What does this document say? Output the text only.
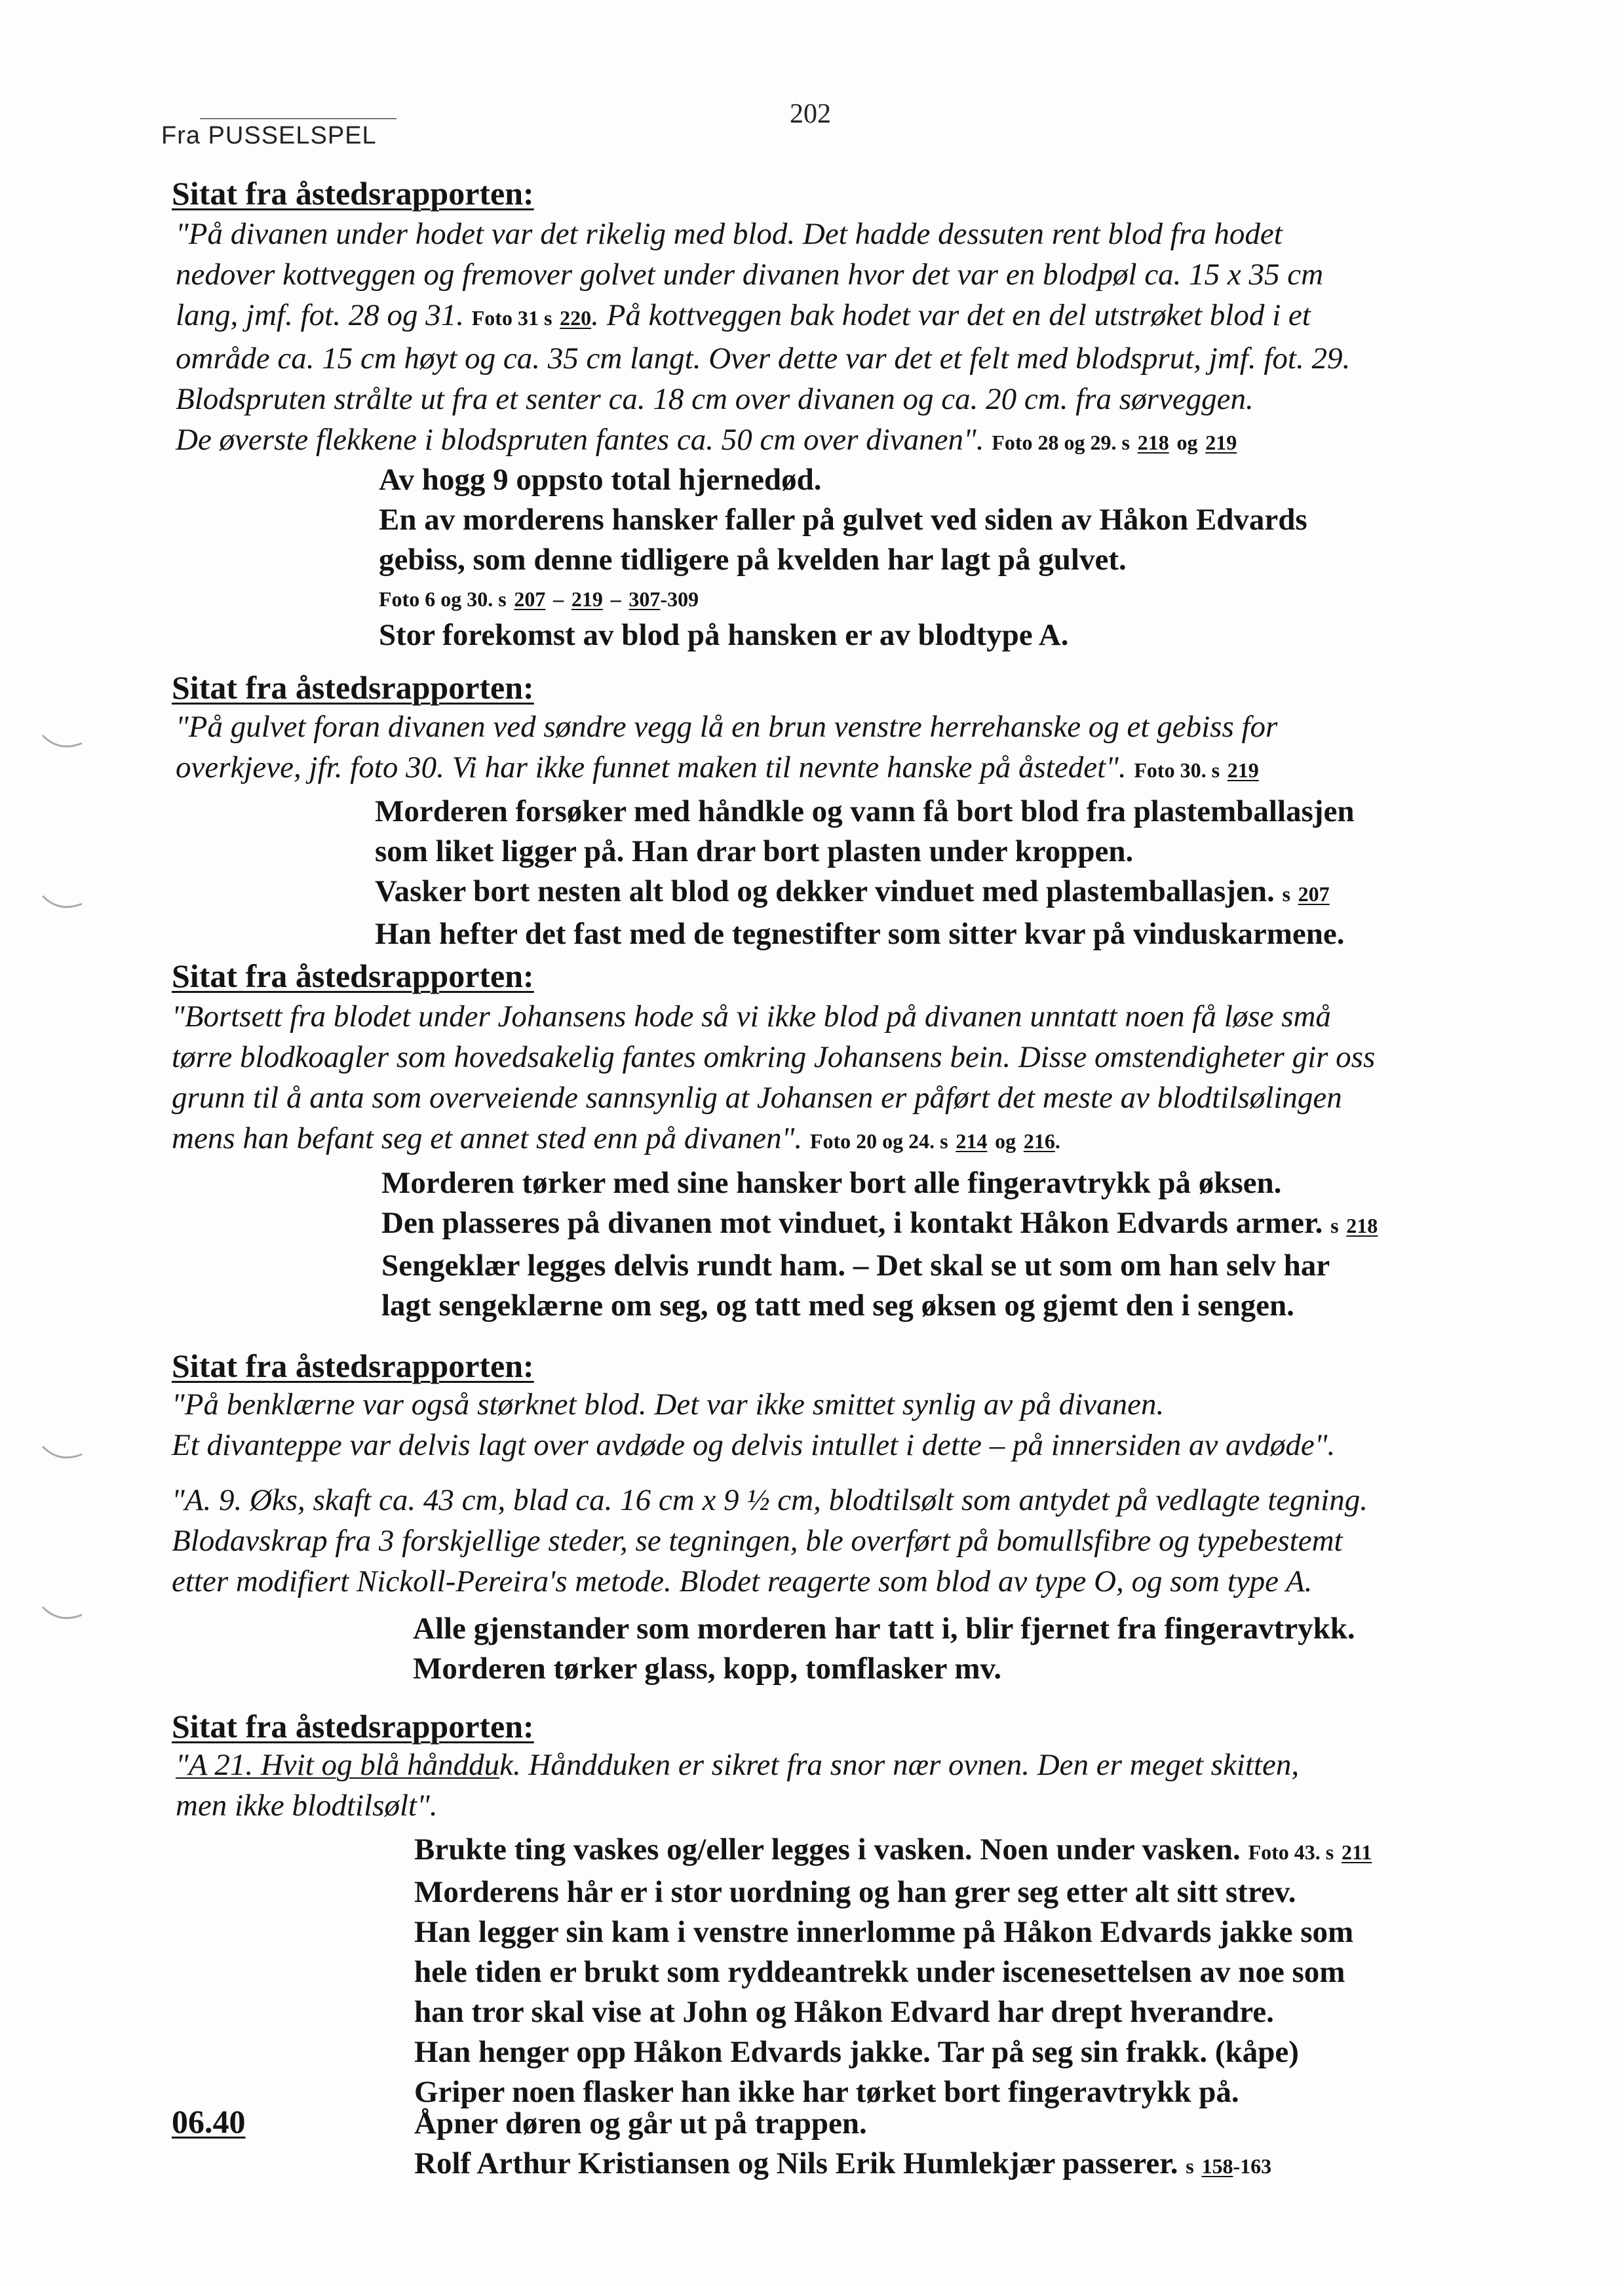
Fra PUSSELSPEL
202
Sitat fra åstedsrapporten:
"På divanen under hodet var det rikelig med blod. Det hadde dessuten rent blod fra hodet
nedover kottveggen og fremover golvet under divanen hvor det var en blodpøl ca. 15 x 35 cm
lang, jmf. fot. 28 og 31. Foto 31 s 220. På kottveggen bak hodet var det en del utstrøket blod i et
område ca. 15 cm høyt og ca. 35 cm langt. Over dette var det et felt med blodsprut, jmf. fot. 29.
Blodspruten strålte ut fra et senter ca. 18 cm over divanen og ca. 20 cm. fra sørveggen.
De øverste flekkene i blodspruten fantes ca. 50 cm over divanen". Foto 28 og 29. s 218 og 219
Av hogg 9 oppsto total hjernedød.
En av morderens hansker faller på gulvet ved siden av Håkon Edvards
gebiss, som denne tidligere på kvelden har lagt på gulvet.
Foto 6 og 30. s 207 – 219 – 307-309
Stor forekomst av blod på hansken er av blodtype A.
Sitat fra åstedsrapporten:
"På gulvet foran divanen ved søndre vegg lå en brun venstre herrehanske og et gebiss for
overkjeve, jfr. foto 30. Vi har ikke funnet maken til nevnte hanske på åstedet". Foto 30. s 219
Morderen forsøker med håndkle og vann få bort blod fra plastemballasjen
som liket ligger på. Han drar bort plasten under kroppen.
Vasker bort nesten alt blod og dekker vinduet med plastemballasjen. s 207
Han hefter det fast med de tegnestifter som sitter kvar på vinduskarmene.
Sitat fra åstedsrapporten:
"Bortsett fra blodet under Johansens hode så vi ikke blod på divanen unntatt noen få løse små
tørre blodkoagler som hovedsakelig fantes omkring Johansens bein. Disse omstendigheter gir oss
grunn til å anta som overveiende sannsynlig at Johansen er påført det meste av blodtilsølingen
mens han befant seg et annet sted enn på divanen". Foto 20 og 24. s 214 og 216.
Morderen tørker med sine hansker bort alle fingeravtrykk på øksen.
Den plasseres på divanen mot vinduet, i kontakt Håkon Edvards armer. s 218
Sengeklær legges delvis rundt ham. – Det skal se ut som om han selv har
lagt sengeklærne om seg, og tatt med seg øksen og gjemt den i sengen.
Sitat fra åstedsrapporten:
"På benklærne var også størknet blod. Det var ikke smittet synlig av på divanen.
Et divanteppe var delvis lagt over avdøde og delvis intullet i dette – på innersiden av avdøde".
"A. 9. Øks, skaft ca. 43 cm, blad ca. 16 cm x 9 ½ cm, blodtilsølt som antydet på vedlagte tegning.
Blodavskrap fra 3 forskjellige steder, se tegningen, ble overført på bomullsfibre og typebestemt
etter modifiert Nickoll-Pereira's metode. Blodet reagerte som blod av type O, og som type A.
Alle gjenstander som morderen har tatt i, blir fjernet fra fingeravtrykk.
Morderen tørker glass, kopp, tomflasker mv.
Sitat fra åstedsrapporten:
"A 21. Hvit og blå håndduk. Håndduken er sikret fra snor nær ovnen. Den er meget skitten,
men ikke blodtilsølt".
Brukte ting vaskes og/eller legges i vasken. Noen under vasken. Foto 43. s 211
Morderens hår er i stor uordning og han grer seg etter alt sitt strev.
Han legger sin kam i venstre innerlomme på Håkon Edvards jakke som
hele tiden er brukt som ryddeantrekk under iscenesettelsen av noe som
han tror skal vise at John og Håkon Edvard har drept hverandre.
Han henger opp Håkon Edvards jakke. Tar på seg sin frakk. (kåpe)
Griper noen flasker han ikke har tørket bort fingeravtrykk på.
06.40	Åpner døren og går ut på trappen.
Rolf Arthur Kristiansen og Nils Erik Humlekjær passerer. s 158-163
